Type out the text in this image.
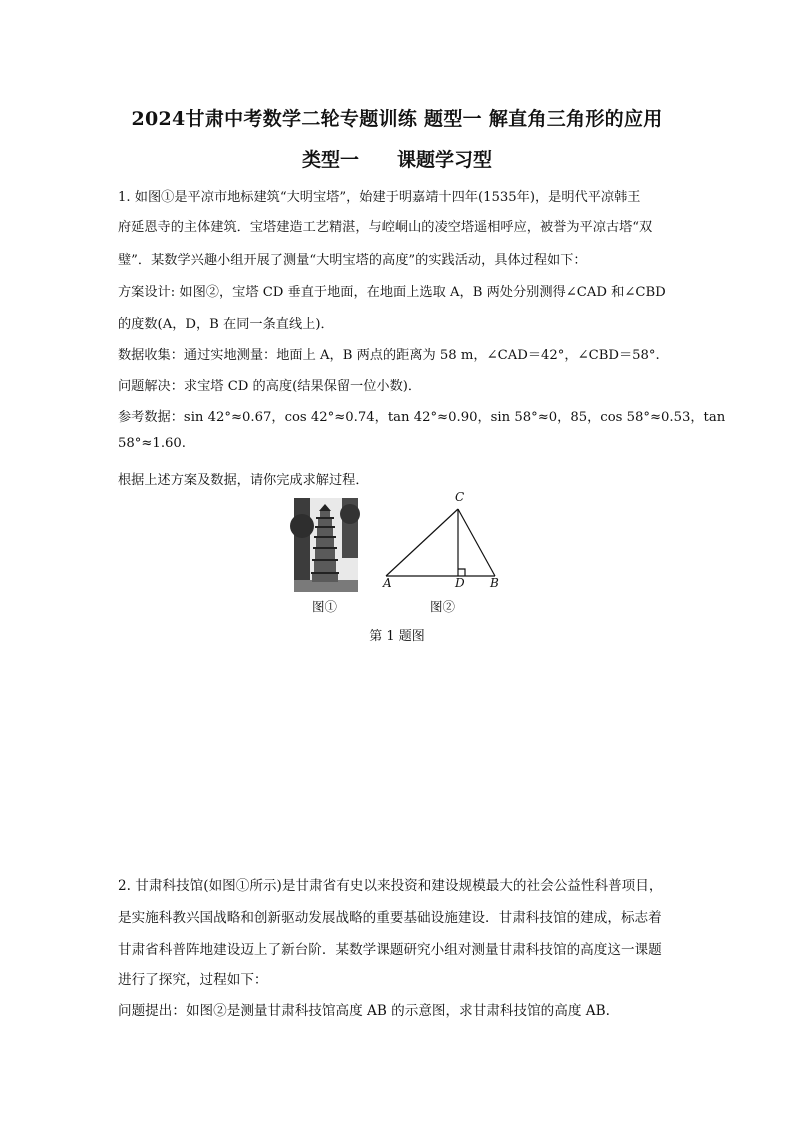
2024甘肃中考数学二轮专题训练 题型一 解直角三角形的应用
类型一 课题学习型
1. 如图①是平凉市地标建筑“大明宝塔”，始建于明嘉靖十四年(1535年)，是明代平凉韩王
府延恩寺的主体建筑．宝塔建造工艺精湛，与崆峒山的凌空塔遥相呼应，被誉为平凉古塔“双
璧”．某数学兴趣小组开展了测量“大明宝塔的高度”的实践活动，具体过程如下：
方案设计: 如图②，宝塔 CD 垂直于地面，在地面上选取 A，B 两处分别测得∠CAD 和∠CBD
的度数(A，D，B 在同一条直线上)．
数据收集：通过实地测量：地面上 A，B 两点的距离为 58 m，∠CAD＝42°，∠CBD＝58°.
问题解决：求宝塔 CD 的高度(结果保留一位小数)．
参考数据：sin 42°≈0.67，cos 42°≈0.74，tan 42°≈0.90，sin 58°≈0，85，cos 58°≈0.53，tan
58°≈1.60.
根据上述方案及数据，请你完成求解过程．
C
A	D B
图①	图②
第 1 题图
2. 甘肃科技馆(如图①所示)是甘肃省有史以来投资和建设规模最大的社会公益性科普项目，
是实施科教兴国战略和创新驱动发展战略的重要基础设施建设．甘肃科技馆的建成，标志着
甘肃省科普阵地建设迈上了新台阶．某数学课题研究小组对测量甘肃科技馆的高度这一课题
进行了探究，过程如下：
问题提出：如图②是测量甘肃科技馆高度 AB 的示意图，求甘肃科技馆的高度 AB.
